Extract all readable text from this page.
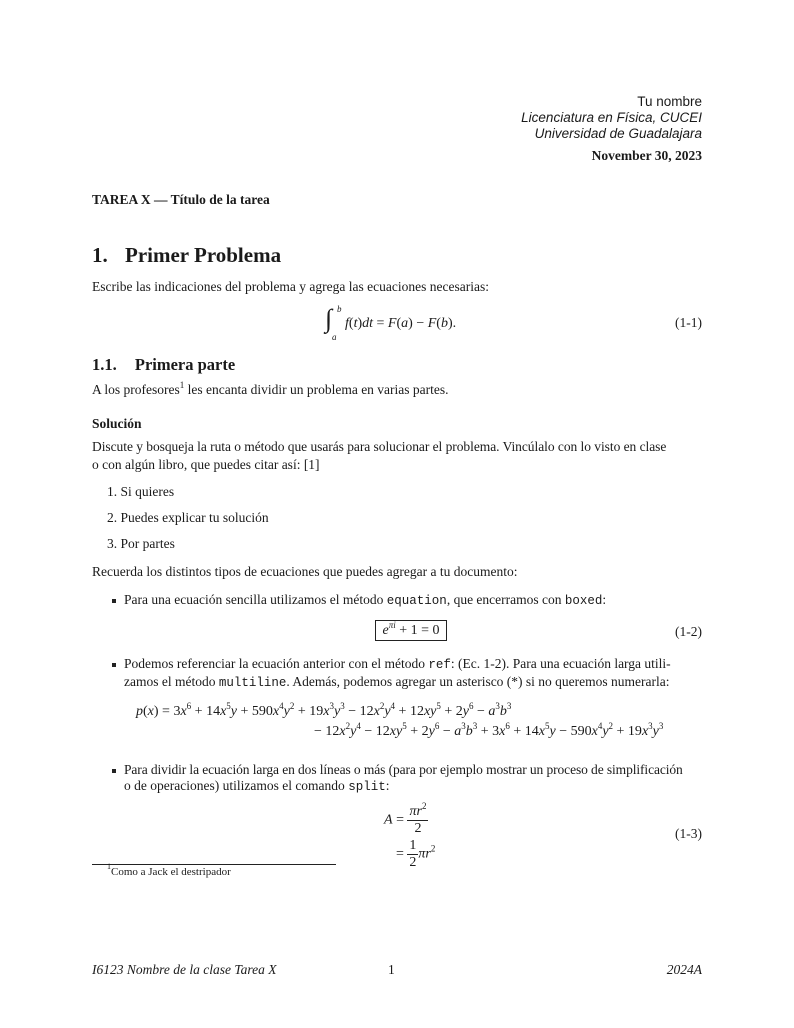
Tu nombre
Licenciatura en Física, CUCEI
Universidad de Guadalajara
November 30, 2023
TAREA X — Título de la tarea
1. Primer Problema
Escribe las indicaciones del problema y agrega las ecuaciones necesarias:
∫ b
a
f(t)dt = F(a) − F(b).	(1-1)
1.1. Primera parte
A los profesores$^1$ les encanta dividir un problema en varias partes.
Solución
Discute y bosqueja la ruta o método que usarás para solucionar el problema. Vincúlalo con lo visto en clase
o con algún libro, que puedes citar así: [1]
1. Si quieres
2. Puedes explicar tu solución
3. Por partes
Recuerda los distintos tipos de ecuaciones que puedes agregar a tu documento:
Para una ecuación sencilla utilizamos el método equation, que encerramos con boxed:
$e^{\pi i} + 1 = 0$	(1-2)
Podemos referenciar la ecuación anterior con el método ref: (Ec. 1-2). Para una ecuación larga utili-
zamos el método multiline. Además, podemos agregar un asterisco (*) si no queremos numerarla:
$p(x) = 3x^6 + 14x^5y + 590x^4y^2 + 19x^3y^3 - 12x^2y^4 + 12xy^5 + 2y^6 - a^3b^3$
− $12x^2y^4 - 12xy^5 + 2y^6 - a^3b^3 + 3x^6 + 14x^5y - 590x^4y^2 + 19x^3y^3$
Para dividir la ecuación larga en dos líneas o más (para por ejemplo mostrar un proceso de simplificación
o de operaciones) utilizamos el comando split:
$A = \frac{\pi r^2}{2}$
= $\frac{1}{2} \pi r^2$
(1-3)
$^1$Como a Jack el destripador
I6123 Nombre de la clase Tarea X	1	2024A
